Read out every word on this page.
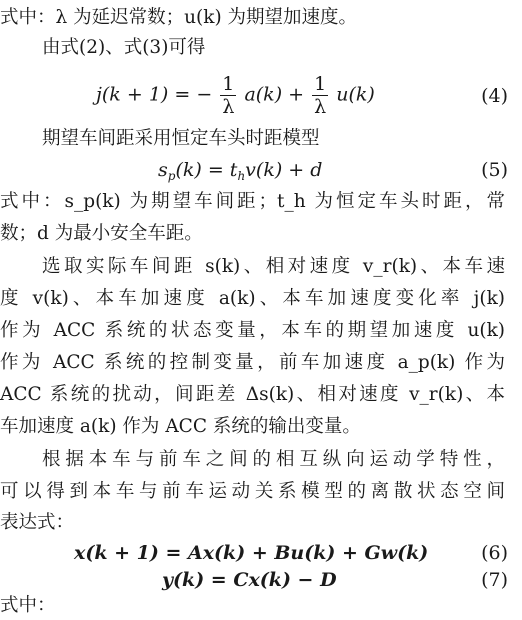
式中：λ 为延迟常数；u(k) 为期望加速度。
由式(2)、式(3)可得
j(k + 1) = − $\frac{1}{\lambda} a(k) + \frac{1}{\lambda} u(k)$	(4)
期望车间距采用恒定车头时距模型
$s_p(k) = t_hv(k) + d$	(5)
式中：s_p(k) 为期望车间距；t_h 为恒定车头时距，常
数；d 为最小安全车距。
选取实际车间距 s(k)、相对速度 v_r(k)、本车速
度 v(k)、本车加速度 a(k)、本车加速度变化率 j(k)
作为 ACC 系统的状态变量，本车的期望加速度 u(k)
作为 ACC 系统的控制变量，前车加速度 a_p(k) 作为
ACC 系统的扰动，间距差 Δs(k)、相对速度 v_r(k)、本
车加速度 a(k) 作为 ACC 系统的输出变量。
根据本车与前车之间的相互纵向运动学特性，
可以得到本车与前车运动关系模型的离散状态空间
表达式：
x(k + 1) = Ax(k) + Bu(k) + Gw(k)	(6)
y(k) = Cx(k) − D	(7)
式中：
